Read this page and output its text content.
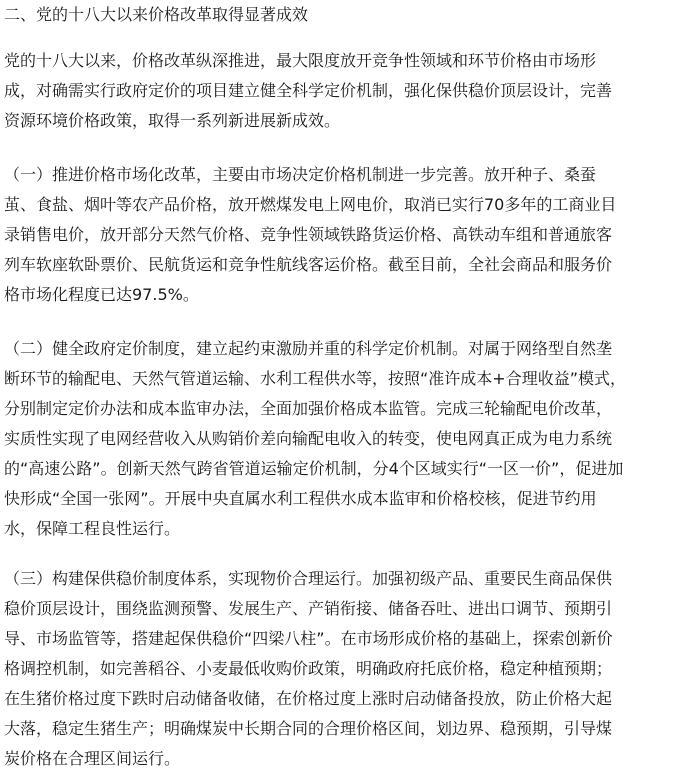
二、党的十八大以来价格改革取得显著成效

党的十八大以来，价格改革纵深推进，最大限度放开竞争性领域和环节价格由市场形
成，对确需实行政府定价的项目建立健全科学定价机制，强化保供稳价顶层设计，完善
资源环境价格政策，取得一系列新进展新成效。

（一）推进价格市场化改革，主要由市场决定价格机制进一步完善。放开种子、桑蚕
茧、食盐、烟叶等农产品价格，放开燃煤发电上网电价，取消已实行70多年的工商业目
录销售电价，放开部分天然气价格、竞争性领域铁路货运价格、高铁动车组和普通旅客
列车软座软卧票价、民航货运和竞争性航线客运价格。截至目前，全社会商品和服务价
格市场化程度已达97.5%。

（二）健全政府定价制度，建立起约束激励并重的科学定价机制。对属于网络型自然垄
断环节的输配电、天然气管道运输、水利工程供水等，按照“准许成本+合理收益”模式，
分别制定定价办法和成本监审办法，全面加强价格成本监管。完成三轮输配电价改革，
实质性实现了电网经营收入从购销价差向输配电收入的转变，使电网真正成为电力系统
的“高速公路”。创新天然气跨省管道运输定价机制，分4个区域实行“一区一价”，促进加
快形成“全国一张网”。开展中央直属水利工程供水成本监审和价格校核，促进节约用
水，保障工程良性运行。

（三）构建保供稳价制度体系，实现物价合理运行。加强初级产品、重要民生商品保供
稳价顶层设计，围绕监测预警、发展生产、产销衔接、储备吞吐、进出口调节、预期引
导、市场监管等，搭建起保供稳价“四梁八柱”。在市场形成价格的基础上，探索创新价
格调控机制，如完善稻谷、小麦最低收购价政策，明确政府托底价格，稳定种植预期；
在生猪价格过度下跌时启动储备收储，在价格过度上涨时启动储备投放，防止价格大起
大落，稳定生猪生产；明确煤炭中长期合同的合理价格区间，划边界、稳预期，引导煤
炭价格在合理区间运行。
